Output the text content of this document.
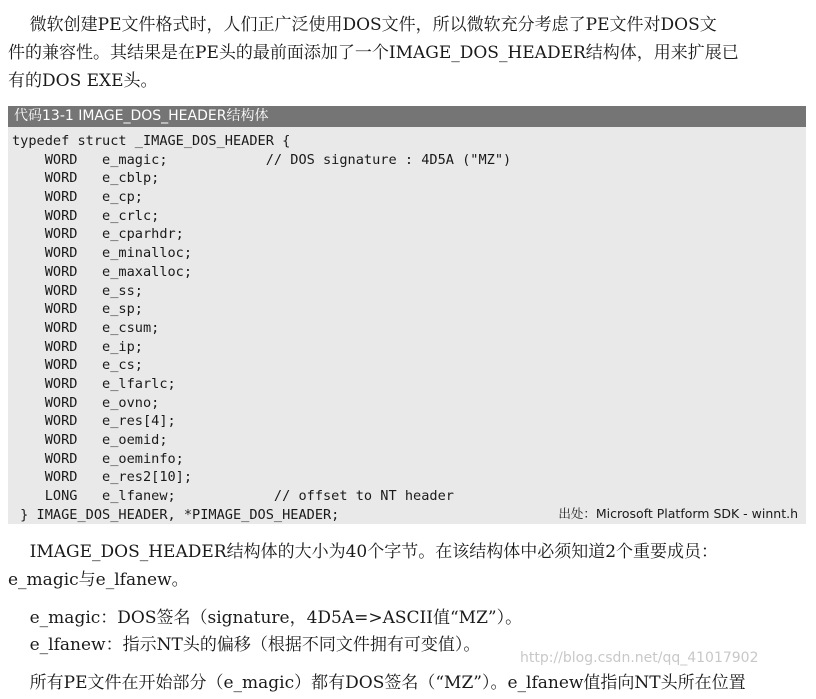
微软创建PE文件格式时，人们正广泛使用DOS文件，所以微软充分考虑了PE文件对DOS文

件的兼容性。其结果是在PE头的最前面添加了一个IMAGE_DOS_HEADER结构体，用来扩展已

有的DOS EXE头。

代码13-1 IMAGE_DOS_HEADER结构体
typedef struct _IMAGE_DOS_HEADER {
WORD   e_magic;            // DOS signature : 4D5A ("MZ")
WORD   e_cblp;
WORD   e_cp;
WORD   e_crlc;
WORD   e_cparhdr;
WORD   e_minalloc;
WORD   e_maxalloc;
WORD   e_ss;
WORD   e_sp;
WORD   e_csum;
WORD   e_ip;
WORD   e_cs;
WORD   e_lfarlc;
WORD   e_ovno;
WORD   e_res[4];
WORD   e_oemid;
WORD   e_oeminfo;
WORD   e_res2[10];
LONG   e_lfanew;            // offset to NT header
} IMAGE_DOS_HEADER, *PIMAGE_DOS_HEADER;	出处：Microsoft Platform SDK - winnt.h

IMAGE_DOS_HEADER结构体的大小为40个字节。在该结构体中必须知道2个重要成员：

e_magic与e_lfanew。

e_magic：DOS签名（signature，4D5A=>ASCII值“MZ”）。

e_lfanew：指示NT头的偏移（根据不同文件拥有可变值）。

所有PE文件在开始部分（e_magic）都有DOS签名（“MZ”）。e_lfanew值指向NT头所在位置

http://blog.csdn.net/qq_41017902
